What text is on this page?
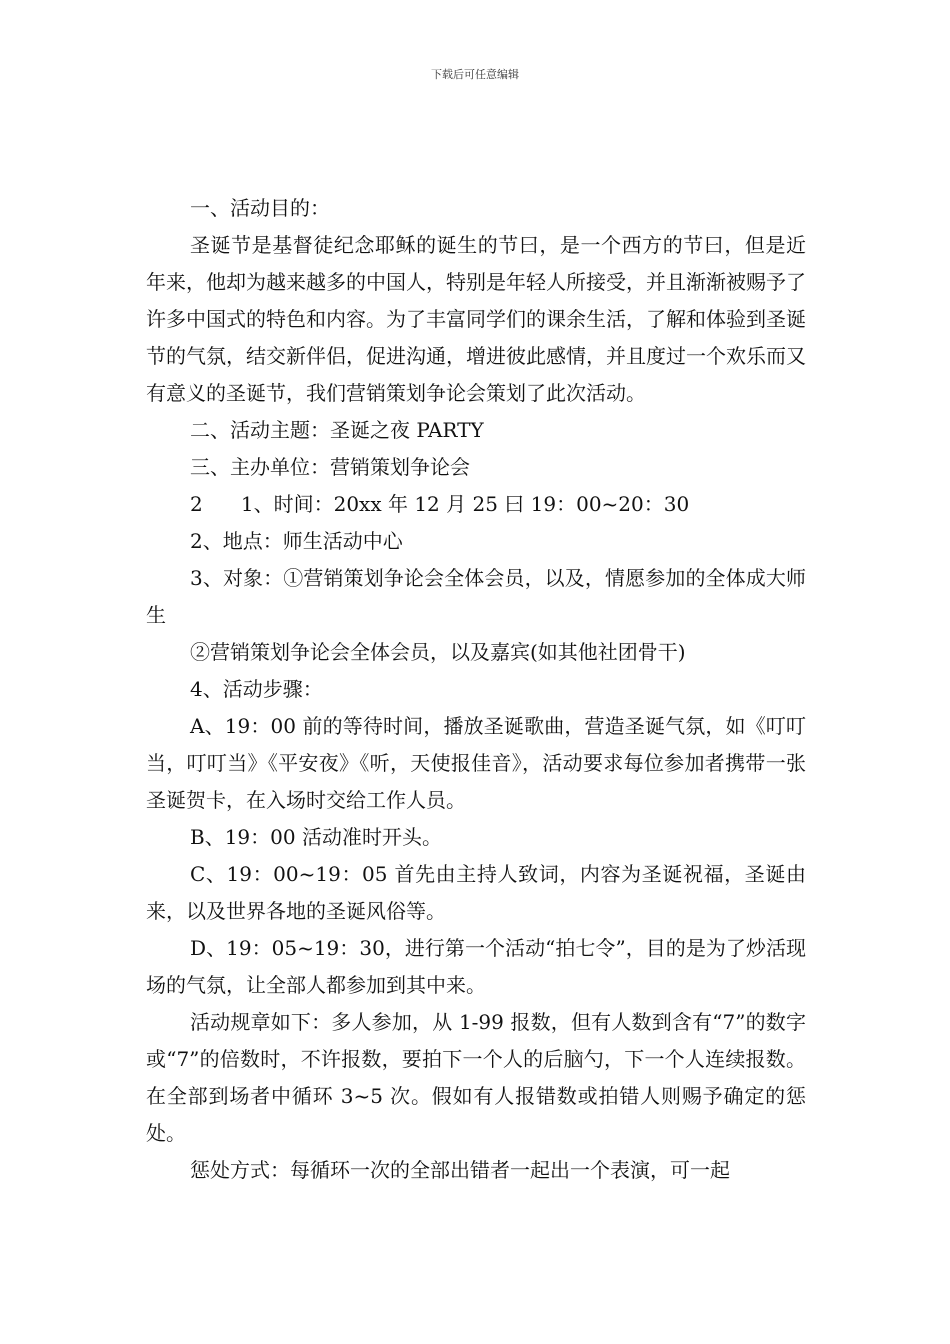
下载后可任意编辑

一、活动目的：

圣诞节是基督徒纪念耶稣的诞生的节曰，是一个西方的节曰，但是近年来，他却为越来越多的中国人，特别是年轻人所接受，并且渐渐被赐予了许多中国式的特色和内容。为了丰富同学们的课余生活，了解和体验到圣诞节的气氛，结交新伴侣，促进沟通，增进彼此感情，并且度过一个欢乐而又有意义的圣诞节，我们营销策划争论会策划了此次活动。

二、活动主题：圣诞之夜 PARTY

三、主办单位：营销策划争论会

2      1、时间：20xx 年 12 月 25 曰 19：00~20：30

2、地点：师生活动中心

3、对象：①营销策划争论会全体会员，以及，情愿参加的全体成大师生

②营销策划争论会全体会员，以及嘉宾(如其他社团骨干)

4、活动步骤：

A、19：00 前的等待时间，播放圣诞歌曲，营造圣诞气氛，如《叮叮当，叮叮当》《平安夜》《听，天使报佳音》，活动要求每位参加者携带一张圣诞贺卡，在入场时交给工作人员。

B、19：00 活动准时开头。

C、19：00~19：05 首先由主持人致词，内容为圣诞祝福，圣诞由来，以及世界各地的圣诞风俗等。

D、19：05~19：30，进行第一个活动“拍七令”，目的是为了炒活现场的气氛，让全部人都参加到其中来。

活动规章如下：多人参加，从 1-99 报数，但有人数到含有“7”的数字或“7”的倍数时，不许报数，要拍下一个人的后脑勺，下一个人连续报数。在全部到场者中循环 3~5 次。假如有人报错数或拍错人则赐予确定的惩处。

惩处方式：每循环一次的全部出错者一起出一个表演，可一起
